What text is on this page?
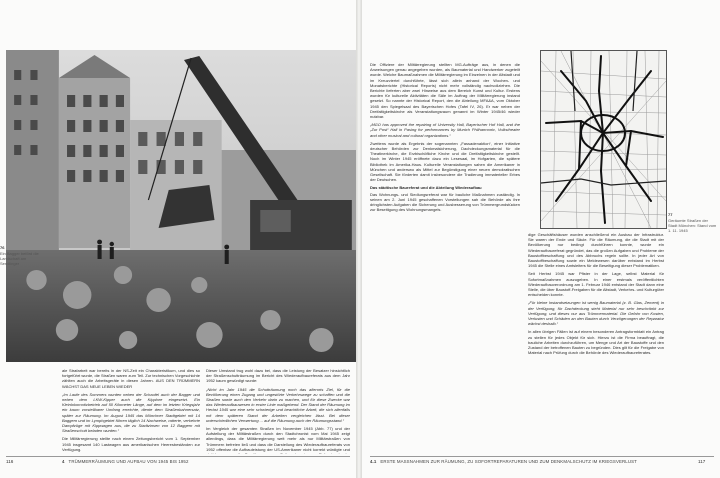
76
Ein Bagger beförd die Landschaft am Sendlinger

ale Strafarbeit war bereits in der NS-Zeit ein Charakteristikum, und dies so fortgeführt wurde, die Straßen waren zum Teil. Zur technischen Vorgeschichte zählten auch die Arbeitsgeräte in diesen Jahren. AUS DEN TRÜMMERN WÄCHST DAS NEUE LEBEN WIEDER

„Im Laufe des Sommers wurden neben der Schaufel auch der Bagger und neben dem LKW-Kipper auch die Kipplore eingesetzt. Ein Kleinlokomotivbetrieb auf 50 Kilometer Länge, auf dem im letzten Kriegsjahr ein kaum vorstellbarer Umfang erreichte, diente dem Straßenbahnersatz, später zur Räumung. Im August 1945 das Münchner Stadtgebiet mit 14 Baggern und im Lymphgebiet führen täglich 14 Nachweise, ratterte, verkehrte Dampfzüge mit Kippwagen aus, die zu Stadtzinsen von 12 Baggern mit Straßenschutt beladen wurden.“

Die Militärregierung stellte nach einem Zeitungsbericht vom 1. September 1945 insgesamt 140 Lastwagen aus amerikanischen Heeresbeständen zur Verfügung.

Dieser Umstand trug wohl dazu bei, dass die Leistung der Besatzer hinsichtlich der Straßenschutträumung im Bericht des Wiederaufbaureferats aus dem Jahr 1952 kaum gewürdigt wurde:

„Nicht im Jahr 1945 die Schutträumung noch das allerorts Ziel, für die Bevölkerung einen Zugang und ungestörte Verkehrswege zu schaffen und die Straßen sowie auch den Verkehr darin zu machen, und für diese Zwecke war das Wiederaufbauwesen in erster Linie maßgebend. Der Stand der Räumung im Herbst 1945 war eine sehr schwierige und beachtliche Arbeit, die sich allenfalls mit dem späteren Stand der Arbeiten vergleichen lässt. Bei dieser unterschiedlichen Verwertung ... auf die Räumung auch der Räumungsstand.“

Im Vergleich der gesamten Straßen im November 1945 (Abb. 77) und der Aufstellung der Militärstraßen durch den Stadtchronist vom Mai 1945 zeigt allerdings, dass die Militärregierung weit mehr als nur Militärstraßen von Trümmern befreien ließ und dass die Darstellung des Wiederaufbaureferats von 1952 offenbar die Aufbauleistung der US-Amerikaner nicht korrekt würdigte und

116	4 TRÜMMERRÄUMUNG UND AUFBAU VON 1945 BIS 1952

Die Offiziere der Militärregierung stellten MG-Aufträge aus, in denen die Anweisungen genau angegeben wurden, als Baumaterial und Handwerker zugeteilt wurde. Welche Baumaßnahmen die Militärregierung im Einzelnen in der Altstadt und im Kreuzviertel durchführte, lässt sich allein anhand der Wochen- und Monatsberichte (Historical Reports) nicht mehr vollständig nachvollziehen. Die Berichte lieferten aber zwei Hinweise aus dem Bereich Kunst und Kultur. Erstens wurden für kulturelle Aktivitäten die Säle im Auftrag der Militärregierung instand gesetzt. So nannte der Historical Report, den die Abteilung MFA&A, vom Oktober 1945 den Spiegelsaal des Bayerischen Hofes (Tafel IV, 26). Er war neben der Dreifaltigkeitskirche als Veranstaltungsraum genannt im Winter 1945/46 wieder nutzbar.

„MGO has approved the repairing of University Hall, Bayerischer Hof Hall, and the „Zur Post“ Hall in Pasing for performances by Munich Philharmonic, Volkstheater and other musical and cultural organizations.“

Zweitens wurde als Ergebnis der sogenannten „Fassadenaktion“, einer Initiative deutscher Behörden zur Denkmalsicherung, Dachdeckungsmaterial für die Theatinerkirche, die Erzbischöfliche Kirche und die Dreifaltigkeitskirche gestellt. Noch im Winter 1945 eröffnete dazu ein Lesesaal, im Hofgarten, die spätere Bibliothek im Amerika-Haus. Kulturelle Veranstaltungen sahen die Amerikaner in München und anderswo als Mittel zur Begünstigung einer neuen demokratischen Gesellschaft. Sie förderten damit insbesondere die Tradierung immaterieller Erbes der Deutschen.

Das städtische Baureferat und die Abteilung Wiederaufbau

Das Wohnungs- und Siedlungsreferat war für bauliche Maßnahmen zuständig. In seinen am 2. Juni 1945 geschaffenen Vorstellungen sah die Behörde als ihre dringlichsten Aufgaben die Sicherung und Ausbesserung von Trümmergrundstücken zur Beseitigung des Wohnungsmangels.

dige Geschäftshäuser wurden anschließend ein Ausbau der Infrastruktur. Sie waren der Ende und Säule. Für die Räumung, die die Stadt mit der Bevölkerung nur bedingt durchführen konnte, wurde ein Wiederaufbaureferat gegründet, das die großen Aufgaben und Probleme der Baustoffbeschaffung und des Abbruchs regeln sollte. In jeder Art von Baustoffbeschaffung sowie ein Meldewesen darüber entstand im Herbst 1945 die Stelle eines Amtsleiters für die Beseitigung dieser Problematiken.

Seit Herbst 1945 war Pfister in der Lage, selbst Material für Sofortmaßnahmen auszugeben. In einer erstmals veröffentlichten Wiederaufbauverordnung am 1. Februar 1946 entstand der Stadt dann eine Stelle, die über Baustoff-Freigaben für die Altstadt, Verkehrs- und Kulturgüter entscheiden konnte.

„Für kleine Instandsetzungen ist wenig Baumaterial (z. B. Glas, Zement) in der Verfügung, für Dachdeckung steht Material nur sehr beschränkt zur Verfügung, und dieses nur aus Trümmermaterial. Die Gefahr von Kosten, Verlusten und Schäden an den Bauten durch Verzögerungen der Reparatur wächst deshalb.“

In allen übrigen Fällen ist auf einem besonderen Antragsformblatt ein Antrag zu stellen für jedes Objekt für sich. Hierzu ist die Firma beauftragt, die bauliche Arbeiten durchzuführen, um Menge und Art der Baustoffe und den Zustand der betroffenen Bauten zu begründen. Dies gilt für die Freigabe von Material nach Prüfung durch die Behörde des Wiederaufbaureferates.

77
Geräumte Straßen der Stadt München: Stand vom 1. 11. 1945
4.1 ERSTE MASSNAHMEN ZUR RÄUMUNG, ZU SOFORTREPARATUREN UND ZUM DENKMALSCHUTZ IM KRIEGSVERLUST	117
